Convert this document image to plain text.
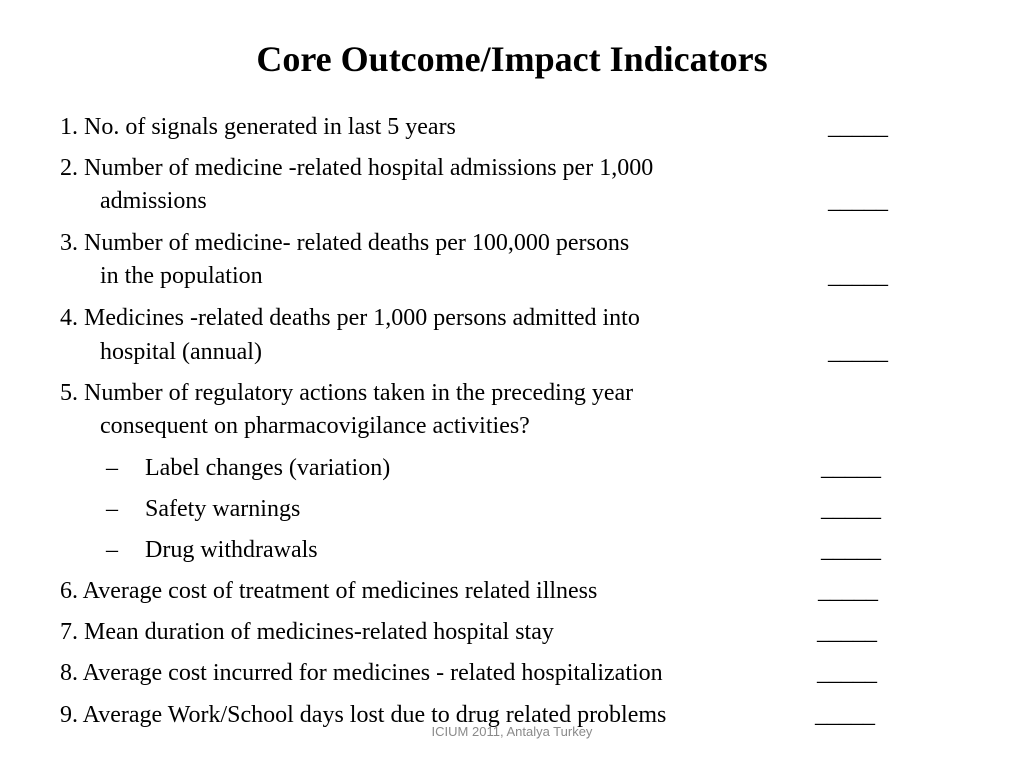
Core Outcome/Impact Indicators
1. No. of signals generated in last 5 years	_____
2. Number of medicine -related hospital admissions per 1,000
admissions	_____
3. Number of medicine- related deaths per 100,000 persons
in the population	_____
4. Medicines -related deaths per 1,000 persons admitted into
hospital (annual)	_____
5. Number of regulatory actions taken in the preceding year
consequent on pharmacovigilance activities?
– Label changes (variation)	_____
– Safety warnings	_____
– Drug withdrawals	_____
6. Average cost of treatment of medicines related illness	_____
7. Mean duration of medicines-related hospital stay	_____
8. Average cost incurred for medicines - related hospitalization	_____
9. Average Work/School days lost due to drug related problems	_____
ICIUM 2011, Antalya Turkey
